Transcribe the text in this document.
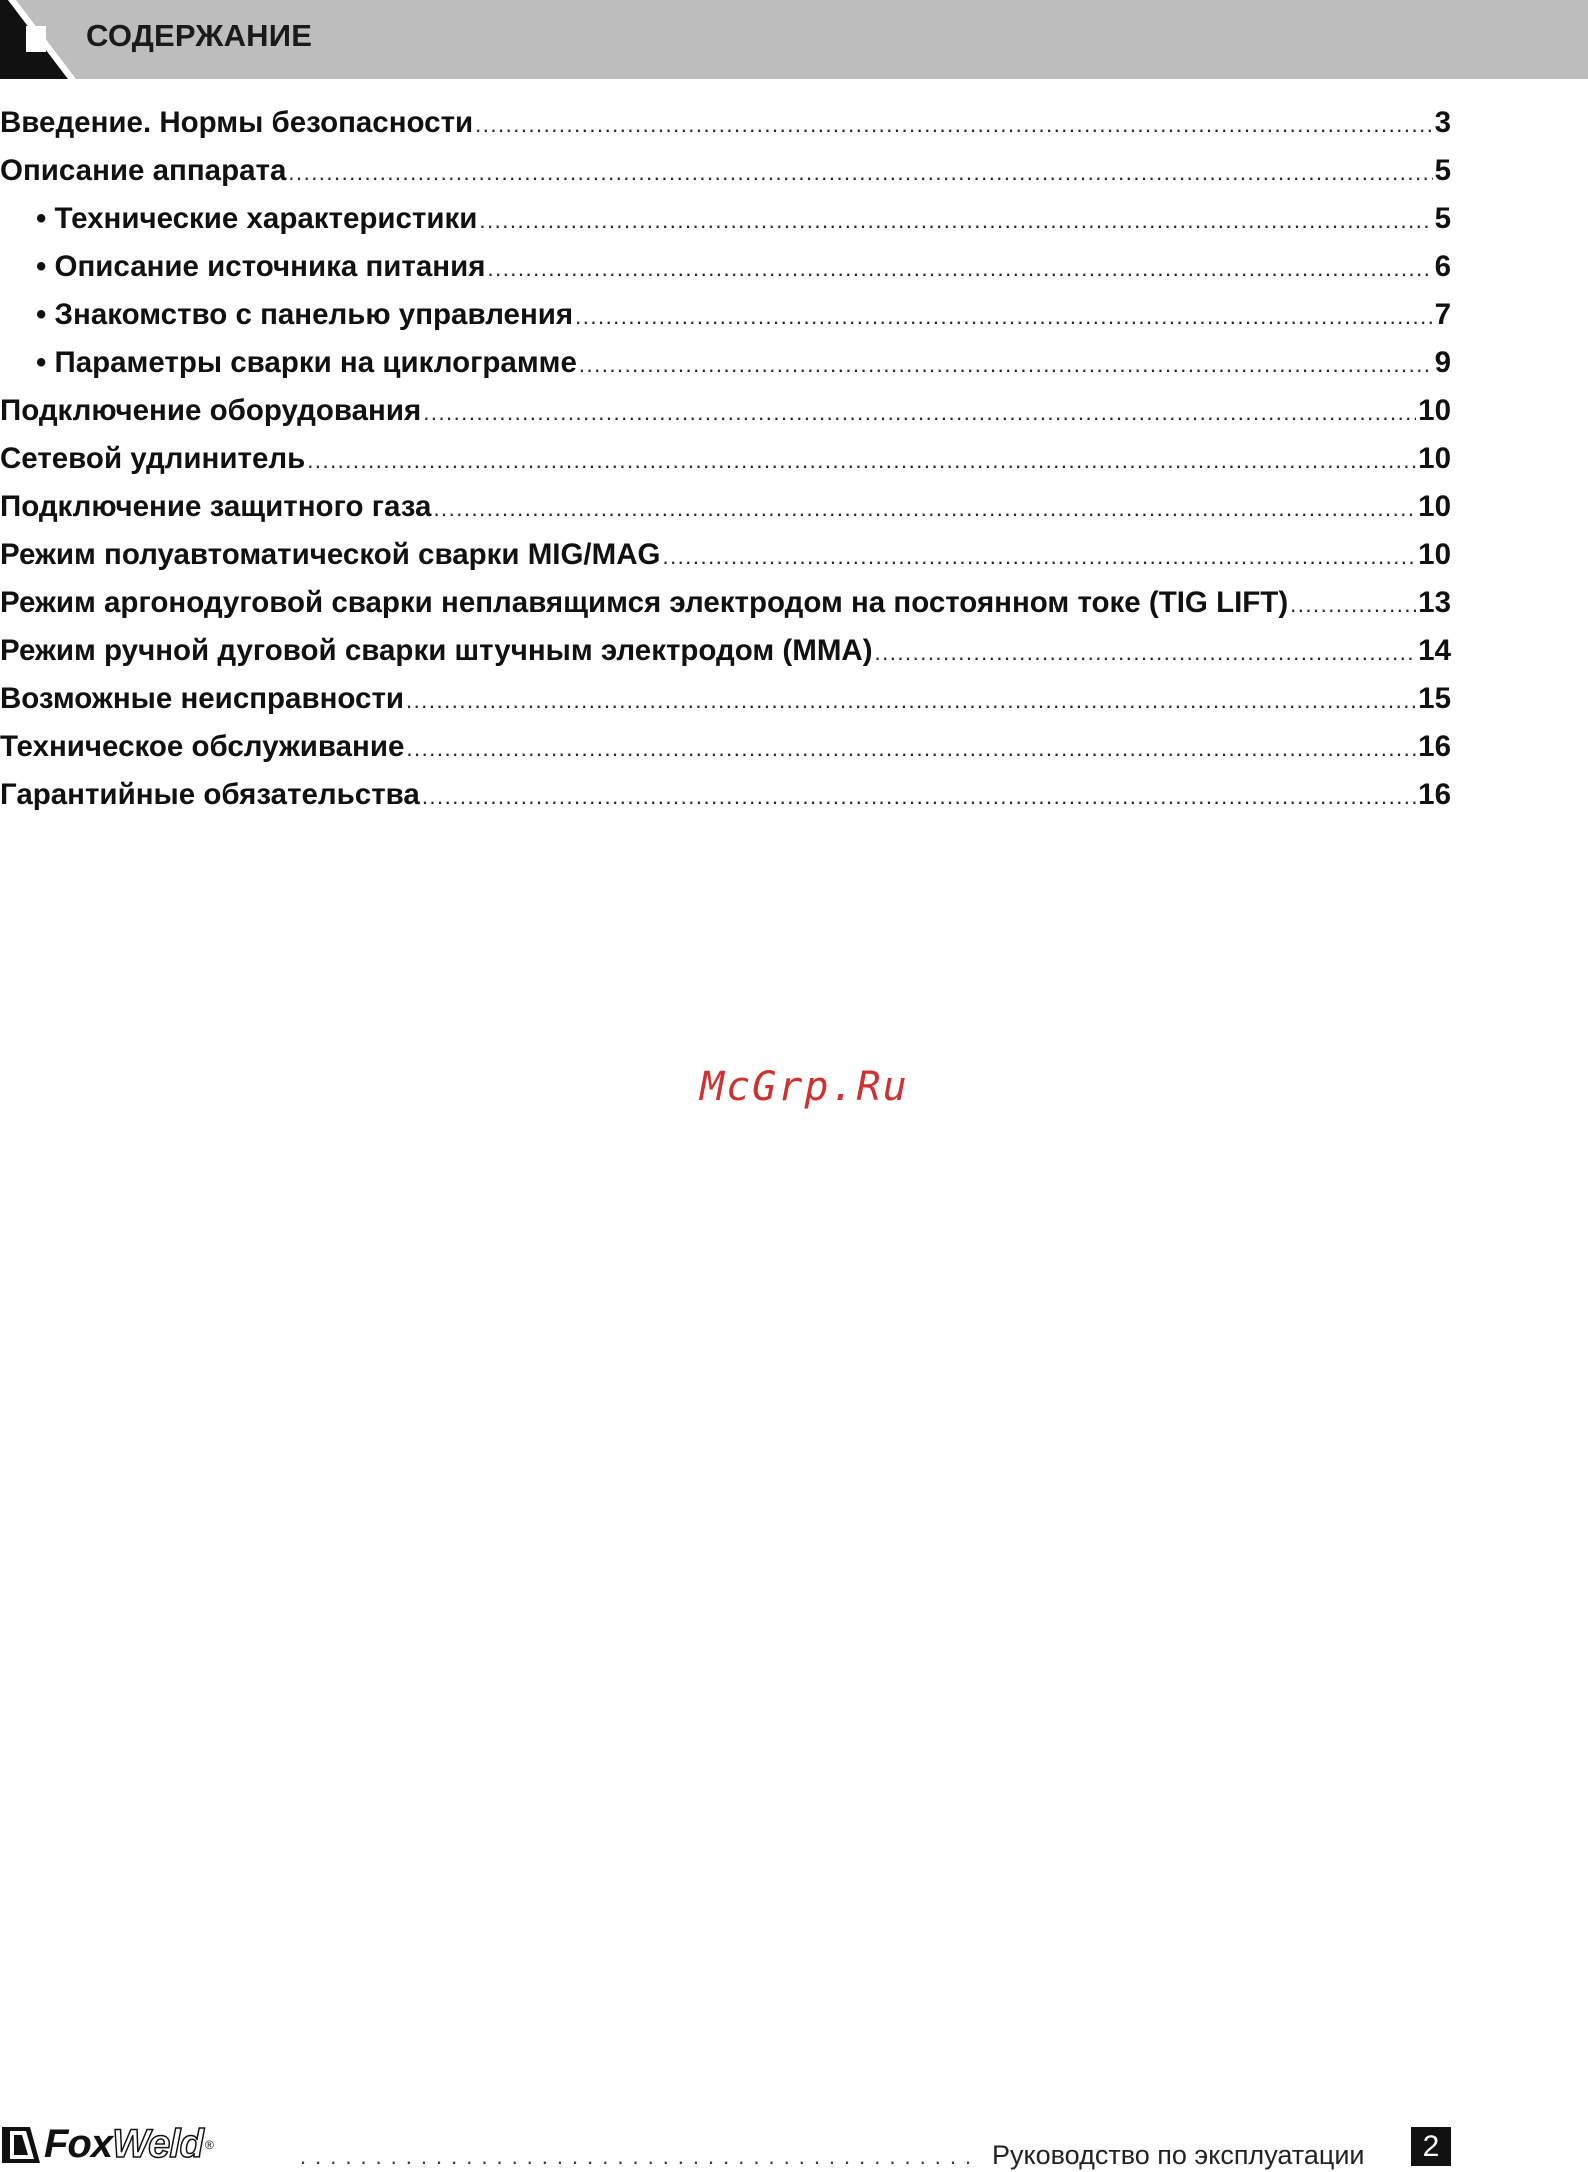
СОДЕРЖАНИЕ
Введение. Нормы безопасности .....	3
Описание аппарата .....	5
• Технические характеристики .....	5
• Описание источника питания .....	6
• Знакомство с панелью управления .....	7
• Параметры сварки на циклограмме .....	9
Подключение оборудования .....	10
Сетевой удлинитель .....	10
Подключение защитного газа .....	10
Режим полуавтоматической сварки MIG/MAG .....	10
Режим аргонодуговой сварки неплавящимся электродом на постоянном токе (TIG LIFT) .....	13
Режим ручной дуговой сварки штучным электродом (MMA) .....	14
Возможные неисправности .....	15
Техническое обслуживание .....	16
Гарантийные обязательства .....	16
McGrp.Ru
FoxWeld ® .....	Руководство по эксплуатации	2
